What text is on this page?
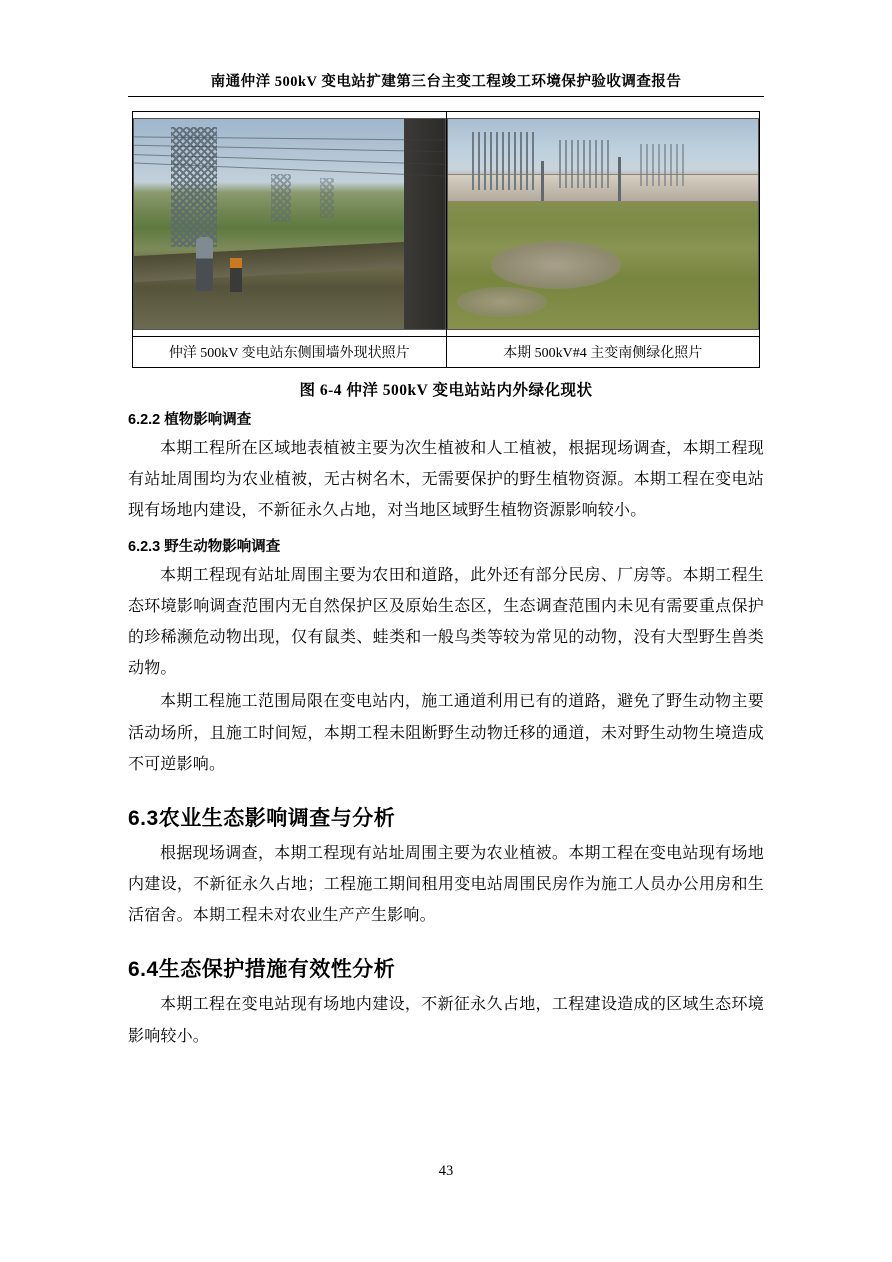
南通仲洋 500kV 变电站扩建第三台主变工程竣工环境保护验收调查报告

仲洋 500kV 变电站东侧围墙外现状照片	本期 500kV#4 主变南侧绿化照片
图 6-4 仲洋 500kV 变电站站内外绿化现状
6.2.2 植物影响调查

本期工程所在区域地表植被主要为次生植被和人工植被，根据现场调查，本期工程现有站址周围均为农业植被，无古树名木，无需要保护的野生植物资源。本期工程在变电站现有场地内建设，不新征永久占地，对当地区域野生植物资源影响较小。

6.2.3 野生动物影响调查

本期工程现有站址周围主要为农田和道路，此外还有部分民房、厂房等。本期工程生态环境影响调查范围内无自然保护区及原始生态区，生态调查范围内未见有需要重点保护的珍稀濒危动物出现，仅有鼠类、蛙类和一般鸟类等较为常见的动物，没有大型野生兽类动物。

本期工程施工范围局限在变电站内，施工通道利用已有的道路，避免了野生动物主要活动场所，且施工时间短，本期工程未阻断野生动物迁移的通道，未对野生动物生境造成不可逆影响。

6.3农业生态影响调查与分析

根据现场调查，本期工程现有站址周围主要为农业植被。本期工程在变电站现有场地内建设，不新征永久占地；工程施工期间租用变电站周围民房作为施工人员办公用房和生活宿舍。本期工程未对农业生产产生影响。

6.4生态保护措施有效性分析

本期工程在变电站现有场地内建设，不新征永久占地，工程建设造成的区域生态环境影响较小。

43
